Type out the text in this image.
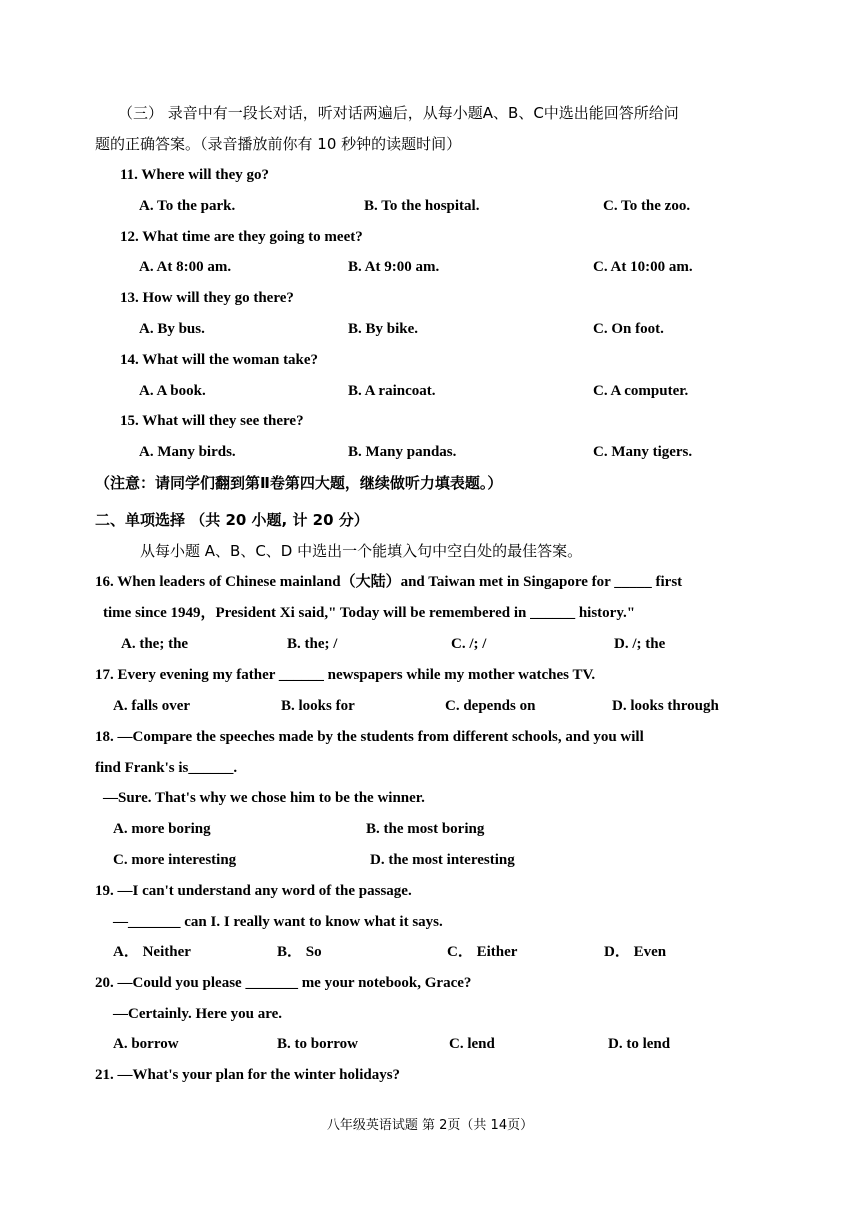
（三） 录音中有一段长对话，听对话两遍后，从每小题A、B、C中选出能回答所给问
题的正确答案。（录音播放前你有 10 秒钟的读题时间）
11. Where will they go?
A. To the park.	B. To the hospital.	C. To the zoo.
12. What time are they going to meet?
A. At 8:00 am.	B. At 9:00 am.	C. At 10:00 am.
13. How will they go there?
A. By bus.	B. By bike.	C. On foot.
14. What will the woman take?
A. A book.	B. A raincoat.	C. A computer.
15. What will they see there?
A. Many birds.	B. Many pandas.	C. Many tigers.
（注意：请同学们翻到第Ⅱ卷第四大题，继续做听力填表题。）
二、单项选择 （共 20 小题, 计 20 分）
从每小题 A、B、C、D 中选出一个能填入句中空白处的最佳答案。
16. When leaders of Chinese mainland（大陆）and Taiwan met in Singapore for _____ first
time since 1949，President Xi said," Today will be remembered in ______ history."
A. the; the	B. the; /	C. /; /	D. /; the
17. Every evening my father ______ newspapers while my mother watches TV.
A. falls over	B. looks for	C. depends on	D. looks through
18. —Compare the speeches made by the students from different schools, and you will
find Frank's is______.
—Sure. That's why we chose him to be the winner.
A. more boring	B. the most boring
C. more interesting	D. the most interesting
19. —I can't understand any word of the passage.
—_______ can I. I really want to know what it says.
A． Neither	B． So	C． Either	D． Even
20. —Could you please _______ me your notebook, Grace?
—Certainly. Here you are.
A. borrow	B. to borrow	C. lend	D. to lend
21. —What's your plan for the winter holidays?
八年级英语试题 第 2页（共 14页）
